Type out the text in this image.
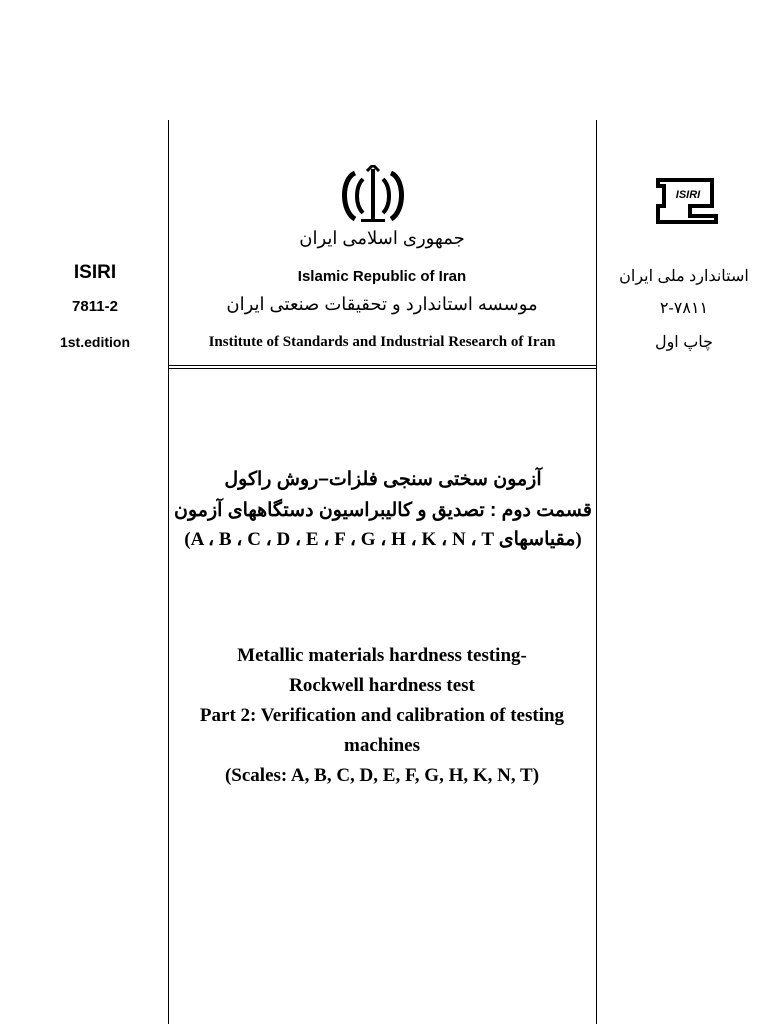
ISIRI
7811-2
1st.edition
ISIRI
استاندارد ملی ایران
۲-۷۸۱۱
چاپ اول
جمهوری اسلامی ایران
Islamic Republic of Iran
موسسه استاندارد و تحقیقات صنعتی ایران
Institute of Standards and Industrial Research of Iran
آزمون سختی سنجی فلزات–روش راکول
قسمت دوم : تصدیق و کالیبراسیون دستگاههای آزمون
(مقیاسهای A ، B ، C ، D ، E ، F ، G ، H ، K ، N ، T)
Metallic materials hardness testing-
Rockwell hardness test
Part 2: Verification and calibration of testing
machines
(Scales: A, B, C, D, E, F, G, H, K, N, T)
